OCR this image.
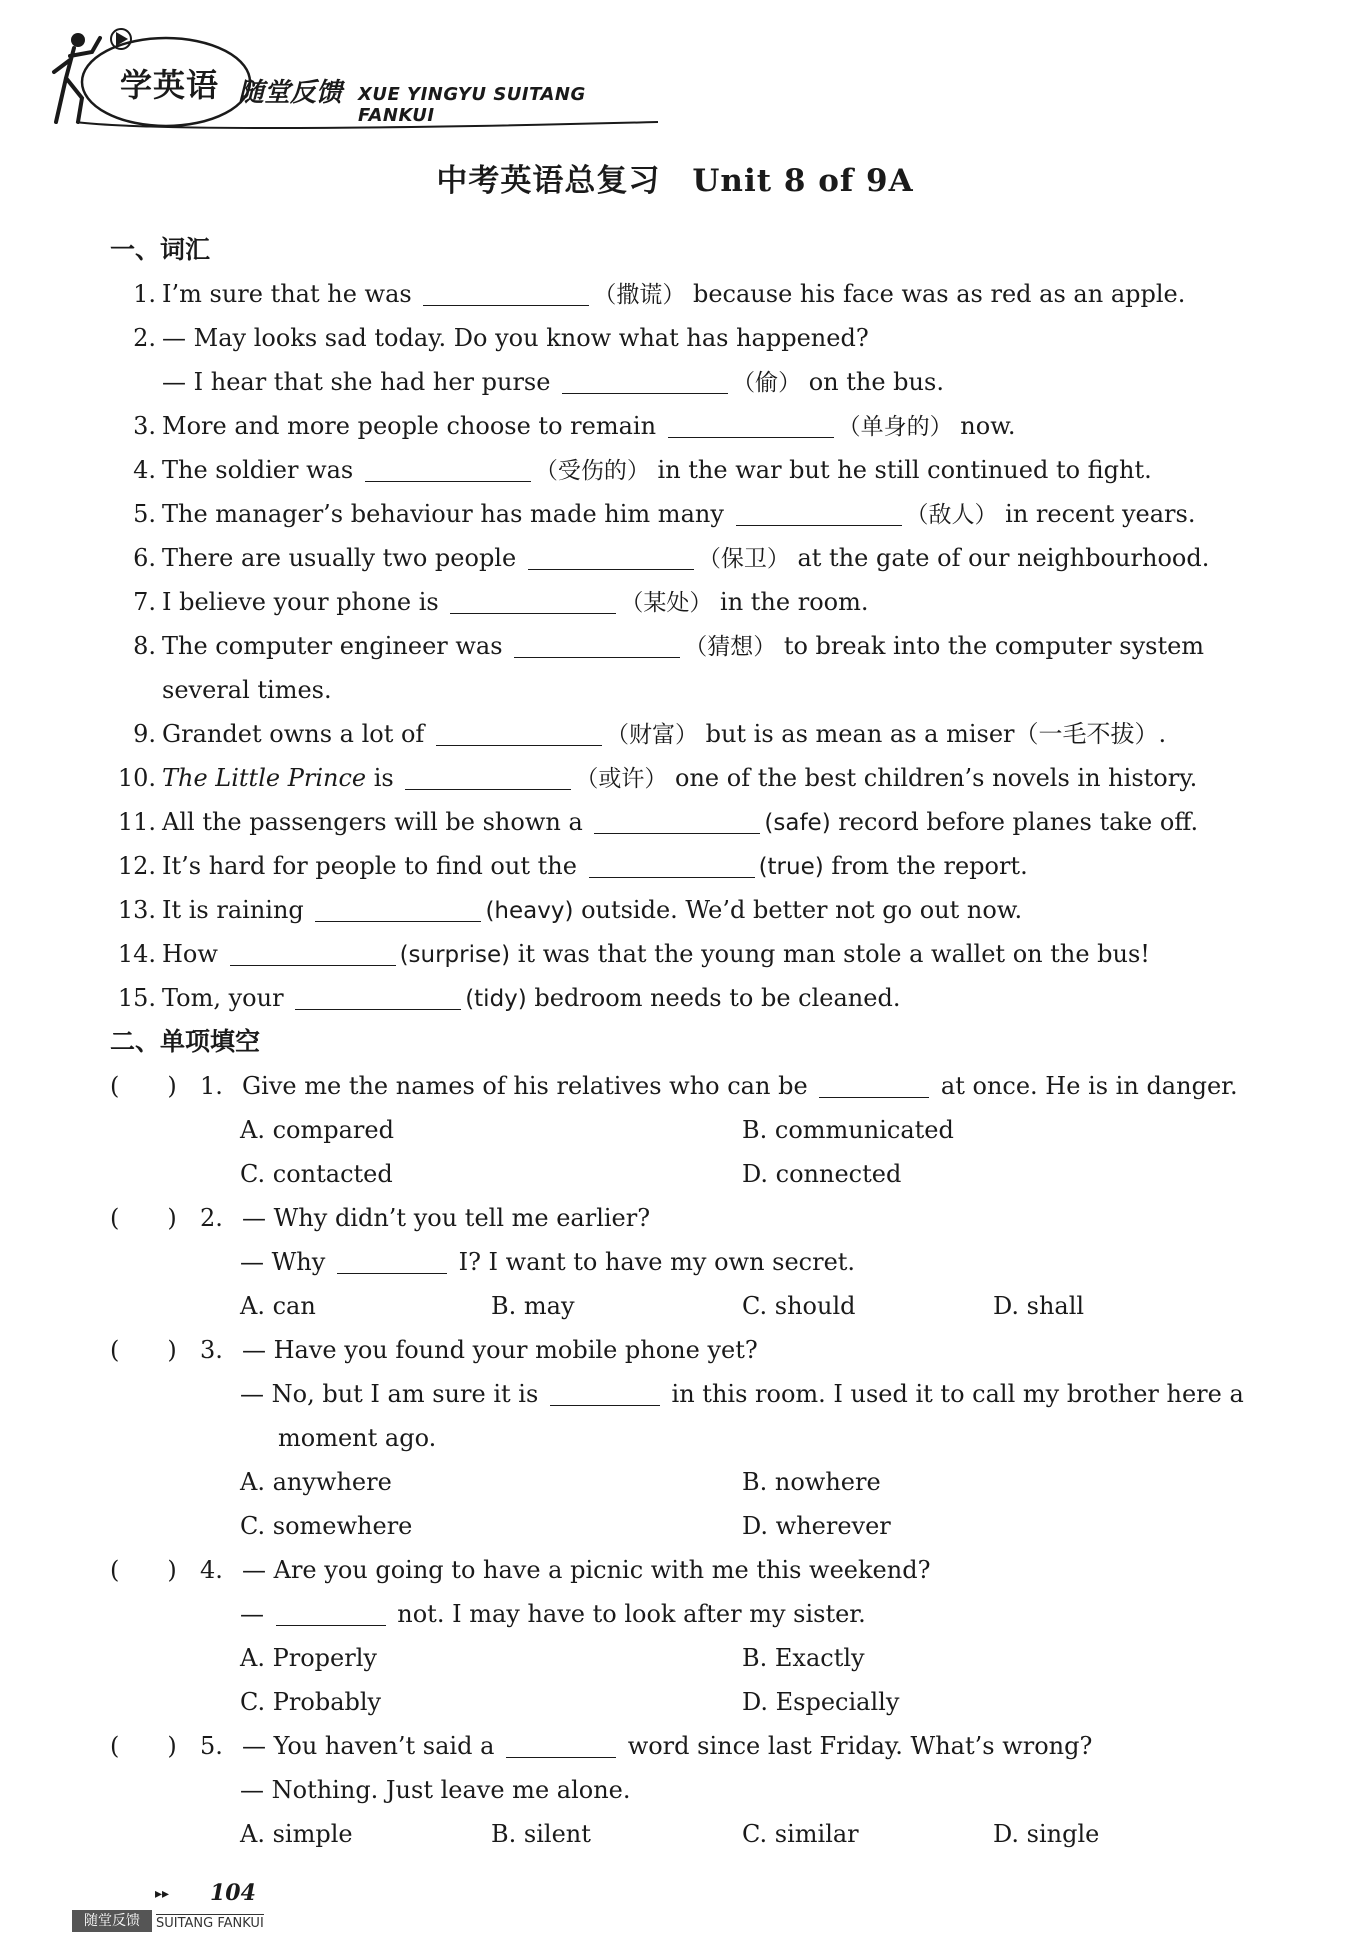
学英语 随堂反馈 XUE YINGYU SUITANG FANKUI
中考英语总复习　Unit 8 of 9A
一、词汇
1. I’m sure that he was	（撒谎） because his face was as red as an apple.
2. — May looks sad today. Do you know what has happened?
— I hear that she had her purse	（偷） on the bus.
3. More and more people choose to remain	（单身的） now.
4. The soldier was	（受伤的） in the war but he still continued to fight.
5. The manager’s behaviour has made him many	（敌人） in recent years.
6. There are usually two people	（保卫） at the gate of our neighbourhood.
7. I believe your phone is	（某处） in the room.
8. The computer engineer was	（猜想） to break into the computer system
several times.
9. Grandet owns a lot of	（财富） but is as mean as a miser（一毛不拔）.
10. The Little Prince is	（或许） one of the best children’s novels in history.
11. All the passengers will be shown a	(safe) record before planes take off.
12. It’s hard for people to find out the	(true) from the report.
13. It is raining	(heavy) outside. We’d better not go out now.
14. How	(surprise) it was that the young man stole a wallet on the bus!
15. Tom, your	(tidy) bedroom needs to be cleaned.
二、单项填空
(　　) 1. Give me the names of his relatives who can be	at once. He is in danger.
A. compared	B. communicated
C. contacted	D. connected
(　　) 2. — Why didn’t you tell me earlier?
— Why	I? I want to have my own secret.
A. can	B. may	C. should	D. shall
(　　) 3. — Have you found your mobile phone yet?
— No, but I am sure it is	in this room. I used it to call my brother here a
moment ago.
A. anywhere	B. nowhere
C. somewhere	D. wherever
(　　) 4. — Are you going to have a picnic with me this weekend?
—	not. I may have to look after my sister.
A. Properly	B. Exactly
C. Probably	D. Especially
(　　) 5. — You haven’t said a	word since last Friday. What’s wrong?
— Nothing. Just leave me alone.
A. simple	B. silent	C. similar	D. single
▸▸ 104
随堂反馈	SUITANG FANKUI
